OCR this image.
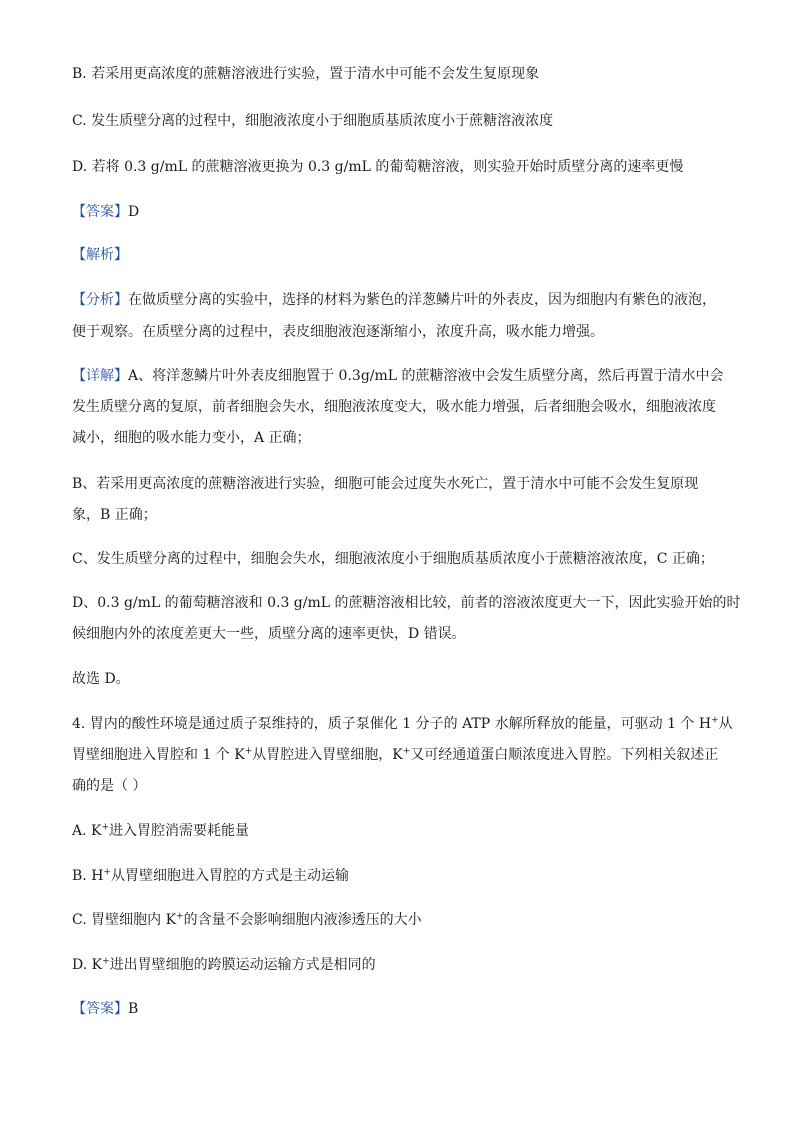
B. 若采用更高浓度的蔗糖溶液进行实验，置于清水中可能不会发生复原现象
C. 发生质壁分离的过程中，细胞液浓度小于细胞质基质浓度小于蔗糖溶液浓度
D. 若将 0.3 g/mL 的蔗糖溶液更换为 0.3 g/mL 的葡萄糖溶液，则实验开始时质壁分离的速率更慢
【答案】D
【解析】
【分析】在做质壁分离的实验中，选择的材料为紫色的洋葱鳞片叶的外表皮，因为细胞内有紫色的液泡，
便于观察。在质壁分离的过程中，表皮细胞液泡逐渐缩小，浓度升高，吸水能力增强。
【详解】A、将洋葱鳞片叶外表皮细胞置于 0.3g/mL 的蔗糖溶液中会发生质壁分离，然后再置于清水中会
发生质壁分离的复原，前者细胞会失水，细胞液浓度变大，吸水能力增强，后者细胞会吸水，细胞液浓度
减小，细胞的吸水能力变小，A 正确；
B、若采用更高浓度的蔗糖溶液进行实验，细胞可能会过度失水死亡，置于清水中可能不会发生复原现
象，B 正确；
C、发生质壁分离的过程中，细胞会失水，细胞液浓度小于细胞质基质浓度小于蔗糖溶液浓度，C 正确；
D、0.3 g/mL 的葡萄糖溶液和 0.3 g/mL 的蔗糖溶液相比较，前者的溶液浓度更大一下，因此实验开始的时
候细胞内外的浓度差更大一些，质壁分离的速率更快，D 错误。
故选 D。
4. 胃内的酸性环境是通过质子泵维持的，质子泵催化 1 分子的 ATP 水解所释放的能量，可驱动 1 个 H+从
胃壁细胞进入胃腔和 1 个 K+从胃腔进入胃壁细胞，K+又可经通道蛋白顺浓度进入胃腔。下列相关叙述正
确的是（ ）
A. K+进入胃腔消需要耗能量
B. H+从胃壁细胞进入胃腔的方式是主动运输
C. 胃壁细胞内 K+的含量不会影响细胞内液渗透压的大小
D. K+进出胃壁细胞的跨膜运动运输方式是相同的
【答案】B
